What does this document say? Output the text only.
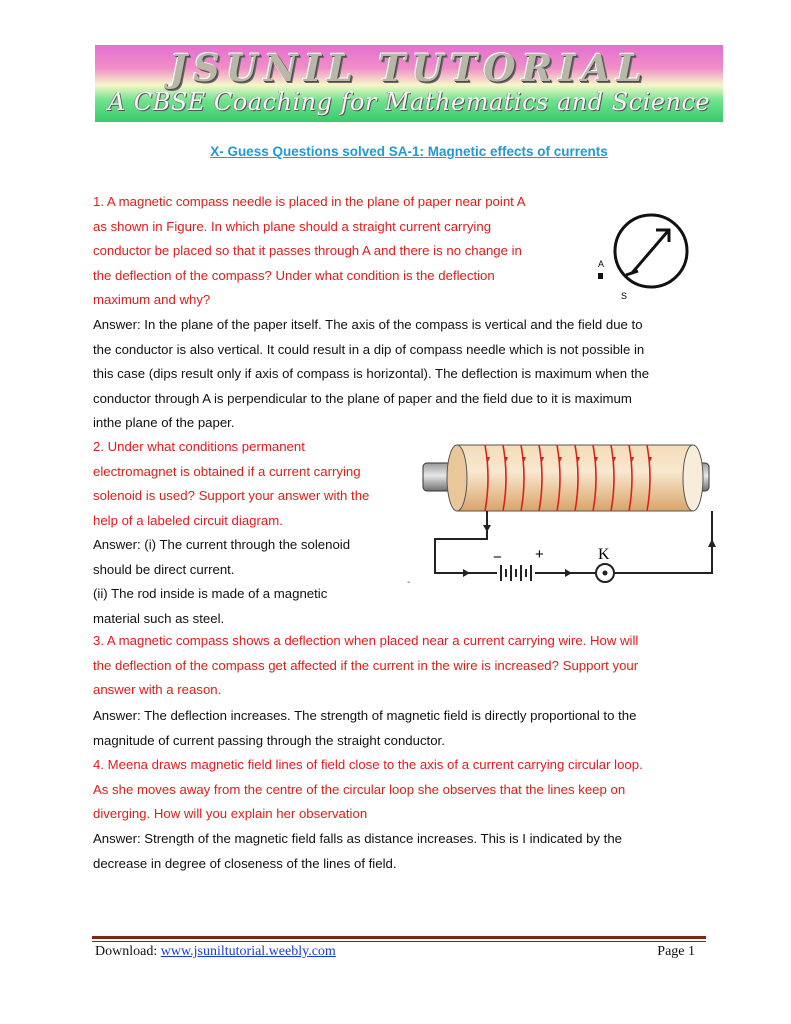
JSUNIL TUTORIAL
A CBSE Coaching for Mathematics and Science
X- Guess Questions solved SA-1: Magnetic effects of currents
1. A magnetic compass needle is placed in the plane of paper near point A
as shown in Figure. In which plane should a straight current carrying
conductor be placed so that it passes through A and there is no change in
the deflection of the compass? Under what condition is the deflection
maximum and why?
Answer: In the plane of the paper itself. The axis of the compass is vertical and the field due to
the conductor is also vertical. It could result in a dip of compass needle which is not possible in
this case (dips result only if axis of compass is horizontal). The deflection is maximum when the
conductor through A is perpendicular to the plane of paper and the field due to it is maximum
inthe plane of the paper.
A
S
2. Under what conditions permanent
electromagnet is obtained if a current carrying
solenoid is used? Support your answer with the
help of a labeled circuit diagram.
Answer: (i) The current through the solenoid
should be direct current.
(ii) The rod inside is made of a magnetic
material such as steel.
− +	K
-
3. A magnetic compass shows a deflection when placed near a current carrying wire. How will
the deflection of the compass get affected if the current in the wire is increased? Support your
answer with a reason.
Answer: The deflection increases. The strength of magnetic field is directly proportional to the
magnitude of current passing through the straight conductor.
4. Meena draws magnetic field lines of field close to the axis of a current carrying circular loop.
As she moves away from the centre of the circular loop she observes that the lines keep on
diverging. How will you explain her observation
Answer: Strength of the magnetic field falls as distance increases. This is I indicated by the
decrease in degree of closeness of the lines of field.
Download: www.jsuniltutorial.weebly.com	Page 1
